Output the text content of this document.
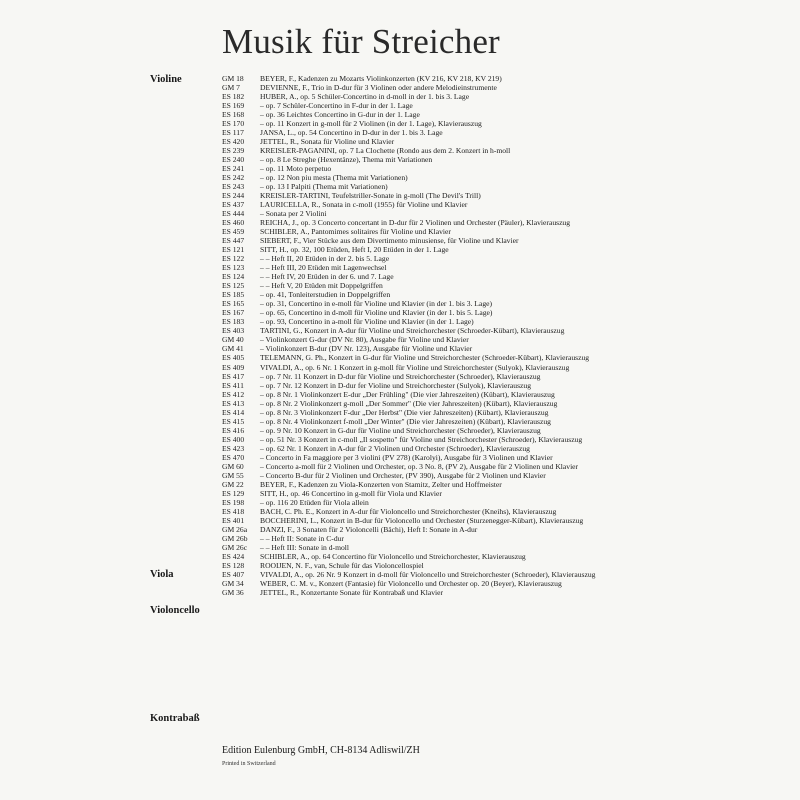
Musik für Streicher
Violine
Viola
Violoncello
Kontrabaß
GM 18 BEYER, F., Kadenzen zu Mozarts Violinkonzerten (KV 216, KV 218, KV 219)
GM 7	DEVIENNE, F., Trio in D-dur für 3 Violinen oder andere Melodieinstrumente
ES 182 HUBER, A., op. 5 Schüler-Concertino in d-moll in der 1. bis 3. Lage
ES 169 – op. 7 Schüler-Concertino in F-dur in der 1. Lage
ES 168 – op. 36 Leichtes Concertino in G-dur in der 1. Lage
ES 170 – op. 11 Konzert in g-moll für 2 Violinen (in der 1. Lage), Klavierauszug
ES 117 JANSA, L., op. 54 Concertino in D-dur in der 1. bis 3. Lage
ES 420 JETTEL, R., Sonata für Violine und Klavier
ES 239 KREISLER-PAGANINI, op. 7 La Clochette (Rondo aus dem 2. Konzert in h-moll
ES 240 – op. 8 Le Streghe (Hexentänze), Thema mit Variationen
ES 241 – op. 11 Moto perpetuo
ES 242 – op. 12 Non piu mesta (Thema mit Variationen)
ES 243 – op. 13 I Palpiti (Thema mit Variationen)
ES 244 KREISLER-TARTINI, Teufelstriller-Sonate in g-moll (The Devil's Trill)
ES 437 LAURICELLA, R., Sonata in c-moll (1955) für Violine und Klavier
ES 444 – Sonata per 2 Violini
ES 460 REICHA, J., op. 3 Concerto concertant in D-dur für 2 Violinen und Orchester (Päuler), Klavierauszug
ES 459 SCHIBLER, A., Pantomimes solitaires für Violine und Klavier
ES 447 SIEBERT, F., Vier Stücke aus dem Divertimento minusiense, für Violine und Klavier
ES 121 SITT, H., op. 32, 100 Etüden, Heft I, 20 Etüden in der 1. Lage
ES 122 – – Heft II, 20 Etüden in der 2. bis 5. Lage
ES 123 – – Heft III, 20 Etüden mit Lagenwechsel
ES 124 – – Heft IV, 20 Etüden in der 6. und 7. Lage
ES 125 – – Heft V, 20 Etüden mit Doppelgriffen
ES 185 – op. 41, Tonleiterstudien in Doppelgriffen
ES 165 – op. 31, Concertino in e-moll für Violine und Klavier (in der 1. bis 3. Lage)
ES 167 – op. 65, Concertino in d-moll für Violine und Klavier (in der 1. bis 5. Lage)
ES 183 – op. 93, Concertino in a-moll für Violine und Klavier (in der 1. Lage)
ES 403 TARTINI, G., Konzert in A-dur für Violine und Streichorchester (Schroeder-Kübart), Klavierauszug
GM 40 – Violinkonzert G-dur (DV Nr. 80), Ausgabe für Violine und Klavier
GM 41 – Violinkonzert B-dur (DV Nr. 123), Ausgabe für Violine und Klavier
ES 405 TELEMANN, G. Ph., Konzert in G-dur für Violine und Streichorchester (Schroeder-Kübart), Klavierauszug
ES 409 VIVALDI, A., op. 6 Nr. 1 Konzert in g-moll für Violine und Streichorchester (Sulyok), Klavierauszug
ES 417 – op. 7 Nr. 11 Konzert in D-dur für Violine und Streichorchester (Schroeder), Klavierauszug
ES 411 – op. 7 Nr. 12 Konzert in D-dur fer Violine und Streichorchester (Sulyok), Klavierauszug
ES 412 – op. 8 Nr. 1 Violinkonzert E-dur „Der Frühling" (Die vier Jahreszeiten) (Kübart), Klavierauszug
ES 413 – op. 8 Nr. 2 Violinkonzert g-moll „Der Sommer" (Die vier Jahreszeiten) (Kübart), Klavierauszug
ES 414 – op. 8 Nr. 3 Violinkonzert F-dur „Der Herbst" (Die vier Jahreszeiten) (Kübart), Klavierauszug
ES 415 – op. 8 Nr. 4 Violinkonzert f-moll „Der Winter" (Die vier Jahreszeiten) (Kübart), Klavierauszug
ES 416 – op. 9 Nr. 10 Konzert in G-dur für Violine und Streichorchester (Schroeder), Klavierauszug
ES 400 – op. 51 Nr. 3 Konzert in c-moll „Il sospetto" für Violine und Streichorchester (Schroeder), Klavierauszug
ES 423 – op. 62 Nr. 1 Konzert in A-dur für 2 Violinen und Orchester (Schroeder), Klavierauszug
ES 470 – Concerto in Fa maggiore per 3 violini (PV 278) (Karolyi), Ausgabe für 3 Violinen und Klavier
GM 60 – Concerto a-moll für 2 Violinen und Orchester, op. 3 No. 8, (PV 2), Ausgabe für 2 Violinen und Klavier
GM 55 – Concerto B-dur für 2 Violinen und Orchester, (PV 390), Ausgabe für 2 Violinen und Klavier
GM 22 BEYER, F., Kadenzen zu Viola-Konzerten von Stamitz, Zelter und Hoffmeister
ES 129 SITT, H., op. 46 Concertino in g-moll für Viola und Klavier
ES 198 – op. 116 20 Etüden für Viola allein
ES 418 BACH, C. Ph. E., Konzert in A-dur für Violoncello und Streichorchester (Kneihs), Klavierauszug
ES 401 BOCCHERINI, L., Konzert in B-dur für Violoncello und Orchester (Sturzenegger-Kübart), Klavierauszug
GM 26a DANZI, F., 3 Sonaten für 2 Violoncelli (Bächi), Heft I: Sonate in A-dur
GM 26b – – Heft II: Sonate in C-dur
GM 26c – – Heft III: Sonate in d-moll
ES 424 SCHIBLER, A., op. 64 Concertino für Violoncello und Streichorchester, Klavierauszug
ES 128 ROOIJEN, N. F., van, Schule für das Violoncellospiel
ES 407 VIVALDI, A., op. 26 Nr. 9 Konzert in d-moll für Violoncello und Streichorchester (Schroeder), Klavierauszug
GM 34 WEBER, C. M. v., Konzert (Fantasie) für Violoncello und Orchester op. 20 (Beyer), Klavierauszug
GM 36 JETTEL, R., Konzertante Sonate für Kontrabaß und Klavier
Edition Eulenburg GmbH, CH-8134 Adliswil/ZH
Printed in Switzerland
